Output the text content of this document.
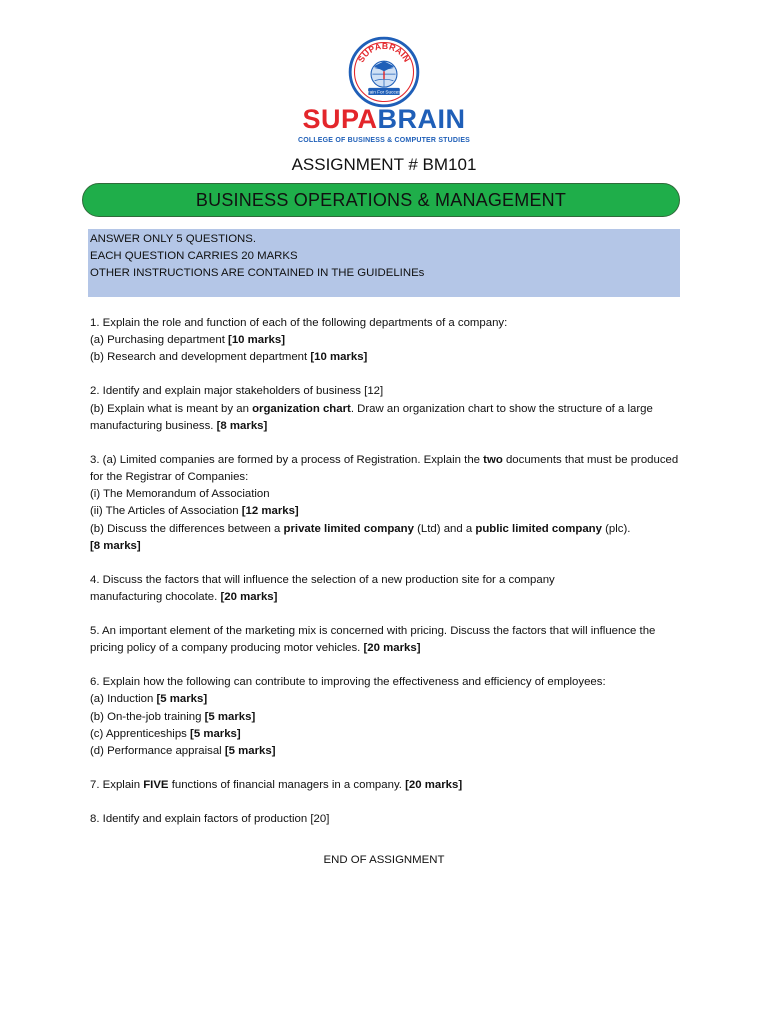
SUPABRAIN
Brain For Success
SUPABRAIN
COLLEGE OF BUSINESS & COMPUTER STUDIES
ASSIGNMENT # BM101
BUSINESS OPERATIONS & MANAGEMENT
ANSWER ONLY 5 QUESTIONS.
EACH QUESTION CARRIES 20 MARKS
OTHER INSTRUCTIONS ARE CONTAINED IN THE GUIDELINEs
1. Explain the role and function of each of the following departments of a company:
(a) Purchasing department [10 marks]
(b) Research and development department [10 marks]
2. Identify and explain major stakeholders of business [12]
(b) Explain what is meant by an organization chart. Draw an organization chart to show the structure of a large manufacturing business. [8 marks]
3. (a) Limited companies are formed by a process of Registration. Explain the two documents that must be produced for the Registrar of Companies:
(i) The Memorandum of Association
(ii) The Articles of Association [12 marks]
(b) Discuss the differences between a private limited company (Ltd) and a public limited company (plc).
[8 marks]
4. Discuss the factors that will influence the selection of a new production site for a company manufacturing chocolate. [20 marks]
5. An important element of the marketing mix is concerned with pricing. Discuss the factors that will influence the pricing policy of a company producing motor vehicles. [20 marks]
6. Explain how the following can contribute to improving the effectiveness and efficiency of employees:
(a) Induction [5 marks]
(b) On-the-job training [5 marks]
(c) Apprenticeships [5 marks]
(d) Performance appraisal [5 marks]
7. Explain FIVE functions of financial managers in a company. [20 marks]
8. Identify and explain factors of production [20]
END OF ASSIGNMENT
